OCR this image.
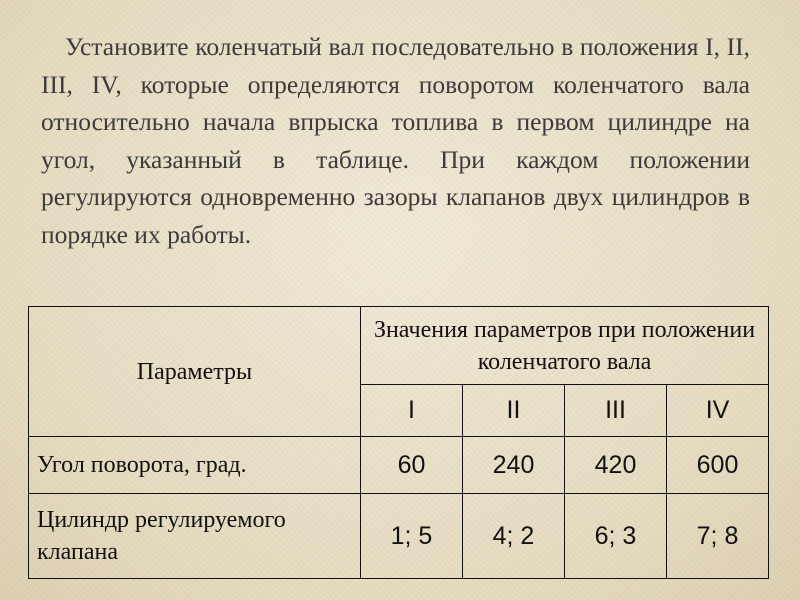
Установите коленчатый вал последовательно в положения I, II, III, IV, которые определяются поворотом коленчатого вала относительно начала впрыска топлива в первом цилиндре на угол, указанный в таблице. При каждом положении регулируются одновременно зазоры клапанов двух цилиндров в порядке их работы.

Параметры	Значения параметров при положении коленчатого вала			
	I	II	III	IV
Угол поворота, град.	60	240	420	600
Цилиндр регулируемого клапана	1; 5	4; 2	6; 3	7; 8
